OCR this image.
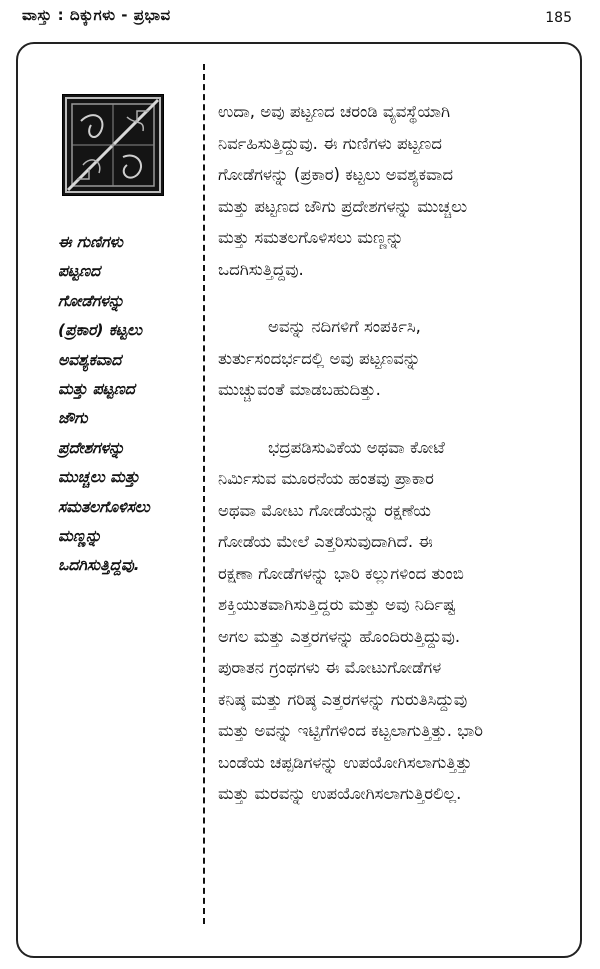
ವಾಸ್ತು : ದಿಕ್ಕುಗಳು - ಪ್ರಭಾವ	185
ಈ ಗುಣಿಗಳು
ಪಟ್ಟಣದ
ಗೋಡೆಗಳನ್ನು
(ಪ್ರಕಾರ) ಕಟ್ಟಲು
ಅವಶ್ಯಕವಾದ
ಮತ್ತು ಪಟ್ಟಣದ
ಜೌಗು
ಪ್ರದೇಶಗಳನ್ನು
ಮುಚ್ಚಲು ಮತ್ತು
ಸಮತಲಗೊಳಿಸಲು
ಮಣ್ಣನ್ನು
ಒದಗಿಸುತ್ತಿದ್ದವು.

ಉದಾ, ಅವು ಪಟ್ಟಣದ ಚರಂಡಿ ವ್ಯವಸ್ಥೆಯಾಗಿ
ನಿರ್ವಹಿಸುತ್ತಿದ್ದುವು. ಈ ಗುಣಿಗಳು ಪಟ್ಟಣದ
ಗೋಡೆಗಳನ್ನು (ಪ್ರಕಾರ) ಕಟ್ಟಲು ಅವಶ್ಯಕವಾದ
ಮತ್ತು ಪಟ್ಟಣದ ಜೌಗು ಪ್ರದೇಶಗಳನ್ನು ಮುಚ್ಚಲು
ಮತ್ತು ಸಮತಲಗೊಳಿಸಲು ಮಣ್ಣನ್ನು
ಒದಗಿಸುತ್ತಿದ್ದವು.

ಅವನ್ನು ನದಿಗಳಿಗೆ ಸಂಪರ್ಕಿಸಿ,
ತುರ್ತುಸಂದರ್ಭದಲ್ಲಿ ಅವು ಪಟ್ಟಣವನ್ನು
ಮುಚ್ಚುವಂತೆ ಮಾಡಬಹುದಿತ್ತು.

ಭದ್ರಪಡಿಸುವಿಕೆಯ ಅಥವಾ ಕೋಟೆ
ನಿರ್ಮಿಸುವ ಮೂರನೆಯ ಹಂತವು ಪ್ರಾಕಾರ
ಅಥವಾ ಮೋಟು ಗೋಡೆಯನ್ನು ರಕ್ಷಣೆಯ
ಗೋಡೆಯ ಮೇಲೆ ಎತ್ತರಿಸುವುದಾಗಿದೆ. ಈ
ರಕ್ಷಣಾ ಗೋಡೆಗಳನ್ನು ಭಾರಿ ಕಲ್ಲುಗಳಿಂದ ತುಂಬಿ
ಶಕ್ತಿಯುತವಾಗಿಸುತ್ತಿದ್ದರು ಮತ್ತು ಅವು ನಿರ್ದಿಷ್ಟ
ಅಗಲ ಮತ್ತು ಎತ್ತರಗಳನ್ನು ಹೊಂದಿರುತ್ತಿದ್ದುವು.
ಪುರಾತನ ಗ್ರಂಥಗಳು ಈ ಮೋಟುಗೋಡೆಗಳ
ಕನಿಷ್ಠ ಮತ್ತು ಗರಿಷ್ಠ ಎತ್ತರಗಳನ್ನು ಗುರುತಿಸಿದ್ದುವು
ಮತ್ತು ಅವನ್ನು ಇಟ್ಟಿಗೆಗಳಿಂದ ಕಟ್ಟಲಾಗುತ್ತಿತ್ತು. ಭಾರಿ
ಬಂಡೆಯ ಚಪ್ಪಡಿಗಳನ್ನು ಉಪಯೋಗಿಸಲಾಗುತ್ತಿತ್ತು
ಮತ್ತು ಮರವನ್ನು ಉಪಯೋಗಿಸಲಾಗುತ್ತಿರಲಿಲ್ಲ.
